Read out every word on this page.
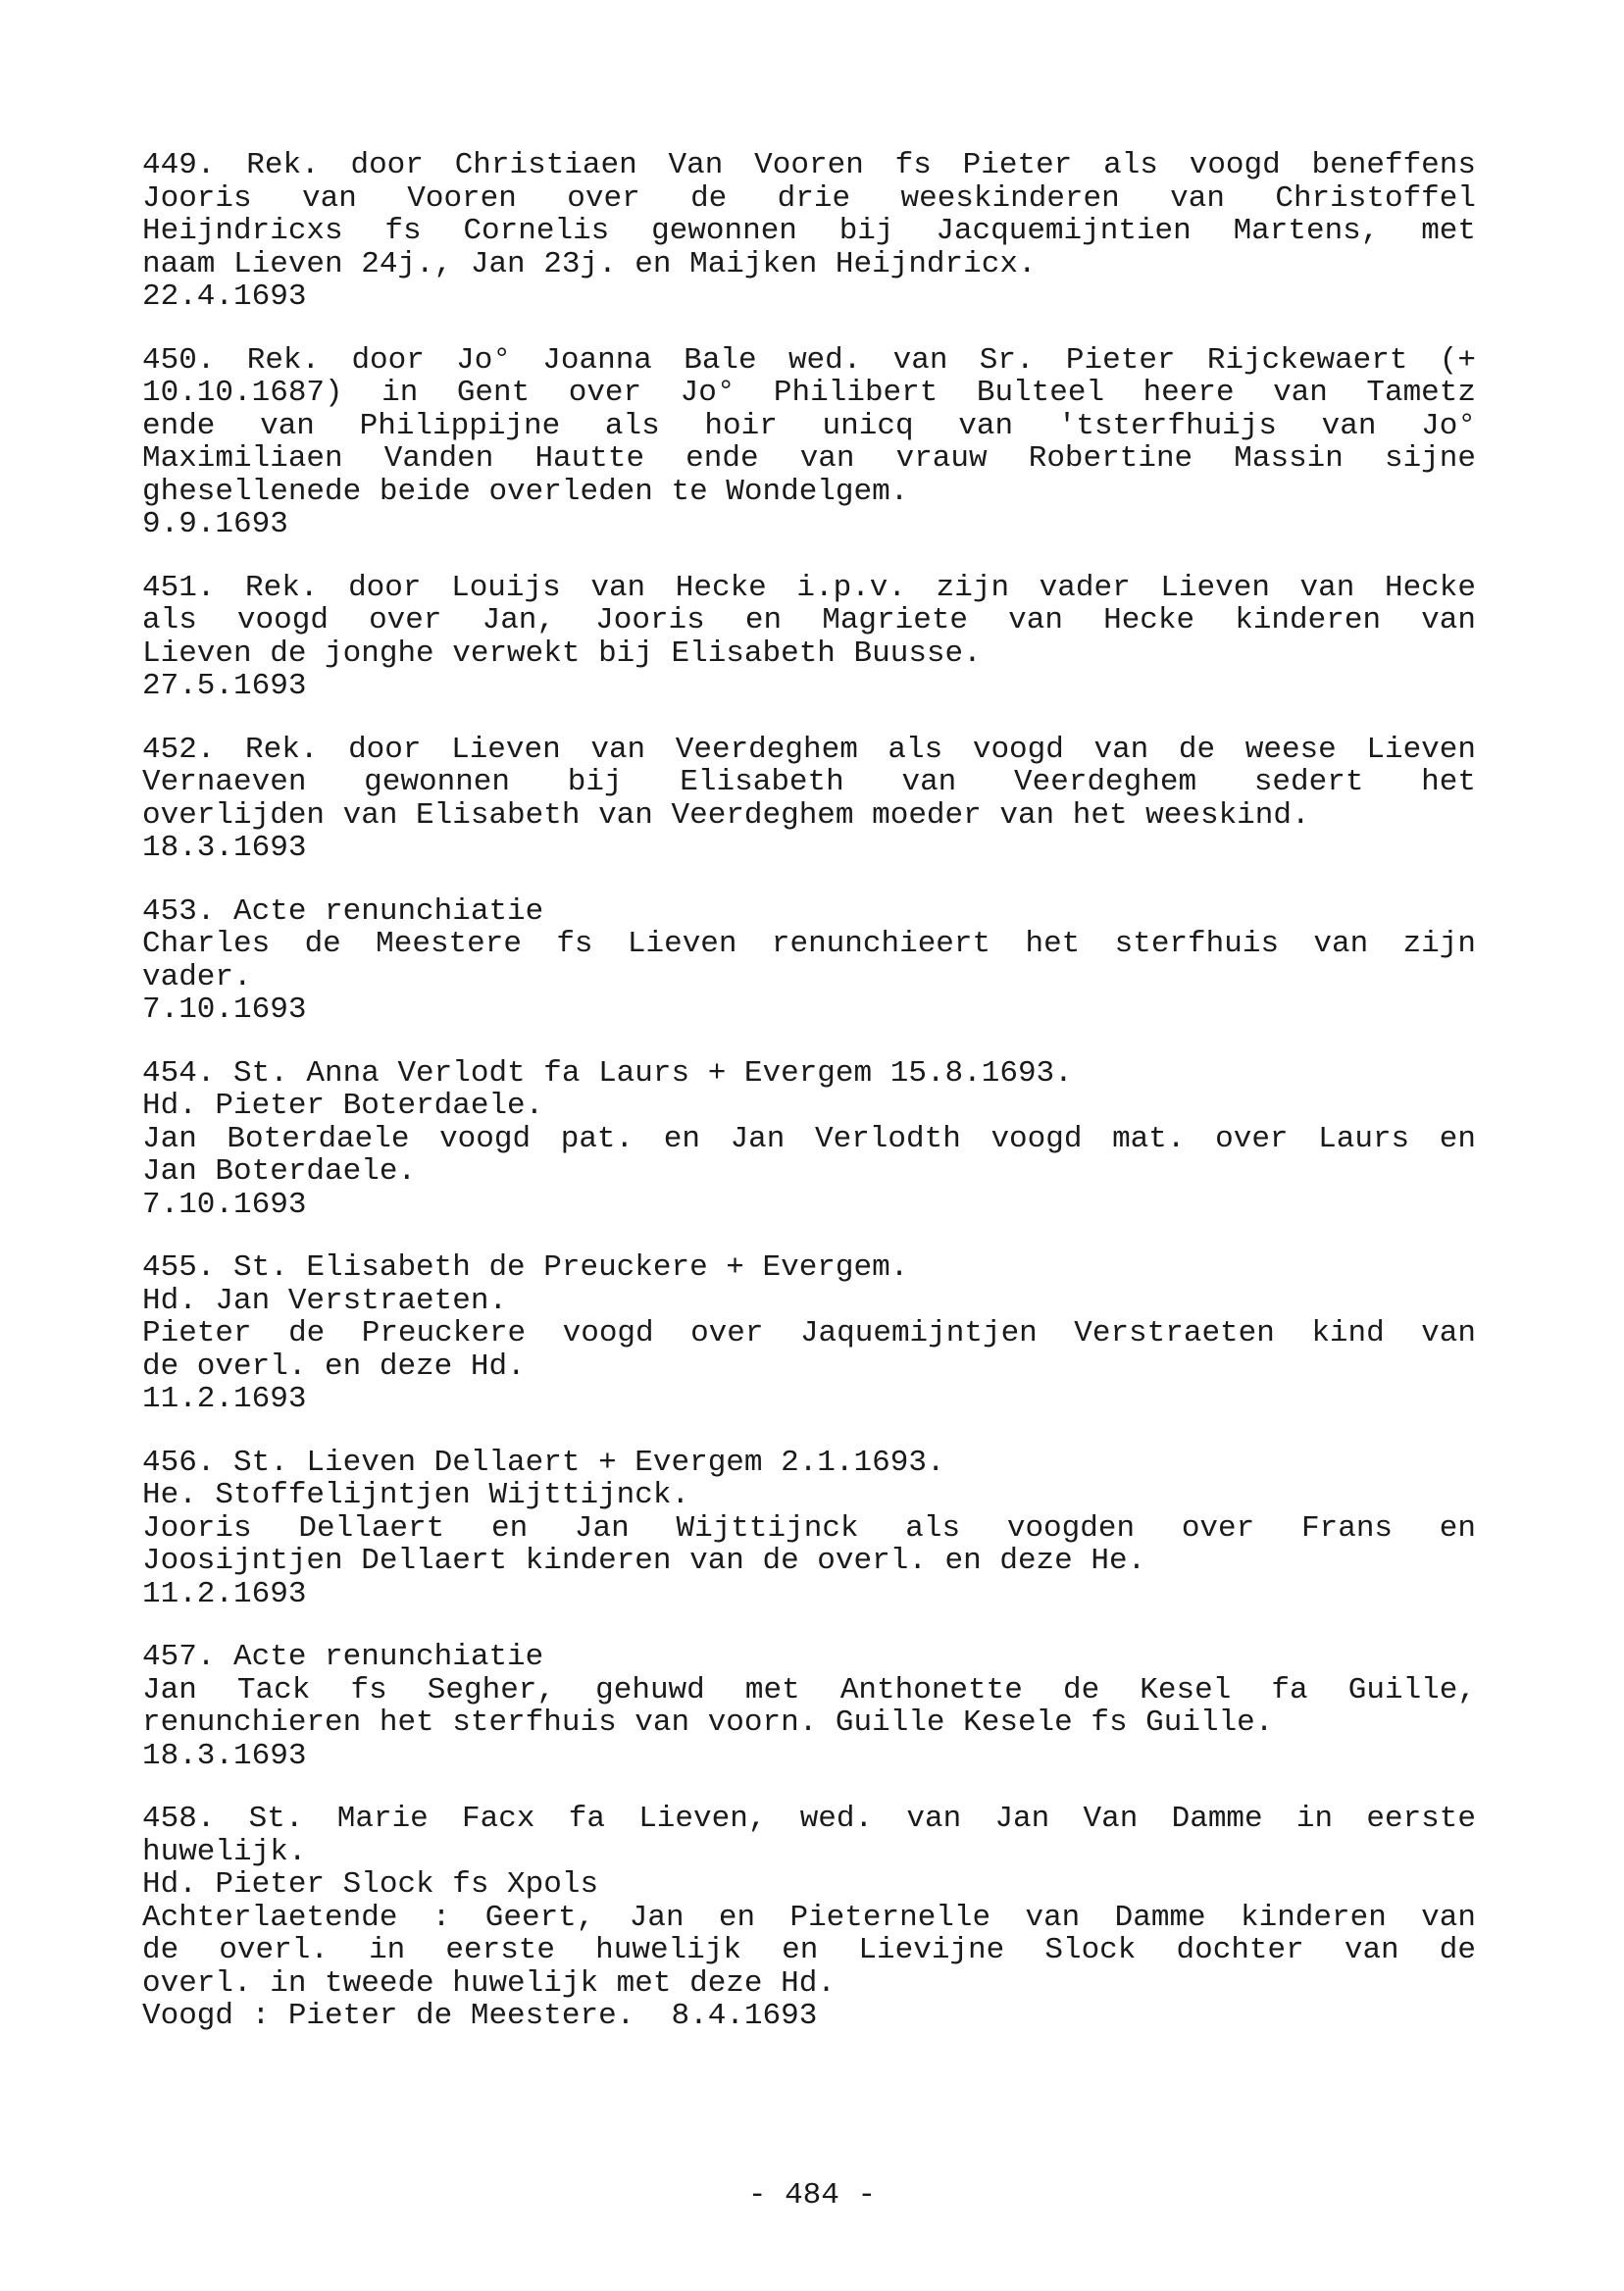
449. Rek. door Christiaen Van Vooren fs Pieter als voogd beneffens
Jooris van Vooren over de drie weeskinderen van Christoffel
Heijndricxs fs Cornelis gewonnen bij Jacquemijntien Martens, met
naam Lieven 24j., Jan 23j. en Maijken Heijndricx.
22.4.1693
450. Rek. door Jo° Joanna Bale wed. van Sr. Pieter Rijckewaert (+
10.10.1687) in Gent over Jo° Philibert Bulteel heere van Tametz
ende van Philippijne als hoir unicq van 'tsterfhuijs van Jo°
Maximiliaen Vanden Hautte ende van vrauw Robertine Massin sijne
ghesellenede beide overleden te Wondelgem.
9.9.1693
451. Rek. door Louijs van Hecke i.p.v. zijn vader Lieven van Hecke
als voogd over Jan, Jooris en Magriete van Hecke kinderen van
Lieven de jonghe verwekt bij Elisabeth Buusse.
27.5.1693
452. Rek. door Lieven van Veerdeghem als voogd van de weese Lieven
Vernaeven gewonnen bij Elisabeth van Veerdeghem sedert het
overlijden van Elisabeth van Veerdeghem moeder van het weeskind.
18.3.1693
453. Acte renunchiatie
Charles de Meestere fs Lieven renunchieert het sterfhuis van zijn
vader.
7.10.1693
454. St. Anna Verlodt fa Laurs + Evergem 15.8.1693.
Hd. Pieter Boterdaele.
Jan Boterdaele voogd pat. en Jan Verlodth voogd mat. over Laurs en
Jan Boterdaele.
7.10.1693
455. St. Elisabeth de Preuckere + Evergem.
Hd. Jan Verstraeten.
Pieter de Preuckere voogd over Jaquemijntjen Verstraeten kind van
de overl. en deze Hd.
11.2.1693
456. St. Lieven Dellaert + Evergem 2.1.1693.
He. Stoffelijntjen Wijttijnck.
Jooris Dellaert en Jan Wijttijnck als voogden over Frans en
Joosijntjen Dellaert kinderen van de overl. en deze He.
11.2.1693
457. Acte renunchiatie
Jan Tack fs Segher, gehuwd met Anthonette de Kesel fa Guille,
renunchieren het sterfhuis van voorn. Guille Kesele fs Guille.
18.3.1693
458. St. Marie Facx fa Lieven, wed. van Jan Van Damme in eerste
huwelijk.
Hd. Pieter Slock fs Xpols
Achterlaetende : Geert, Jan en Pieternelle van Damme kinderen van
de overl. in eerste huwelijk en Lievijne Slock dochter van de
overl. in tweede huwelijk met deze Hd.
Voogd : Pieter de Meestere.  8.4.1693
- 484 -
